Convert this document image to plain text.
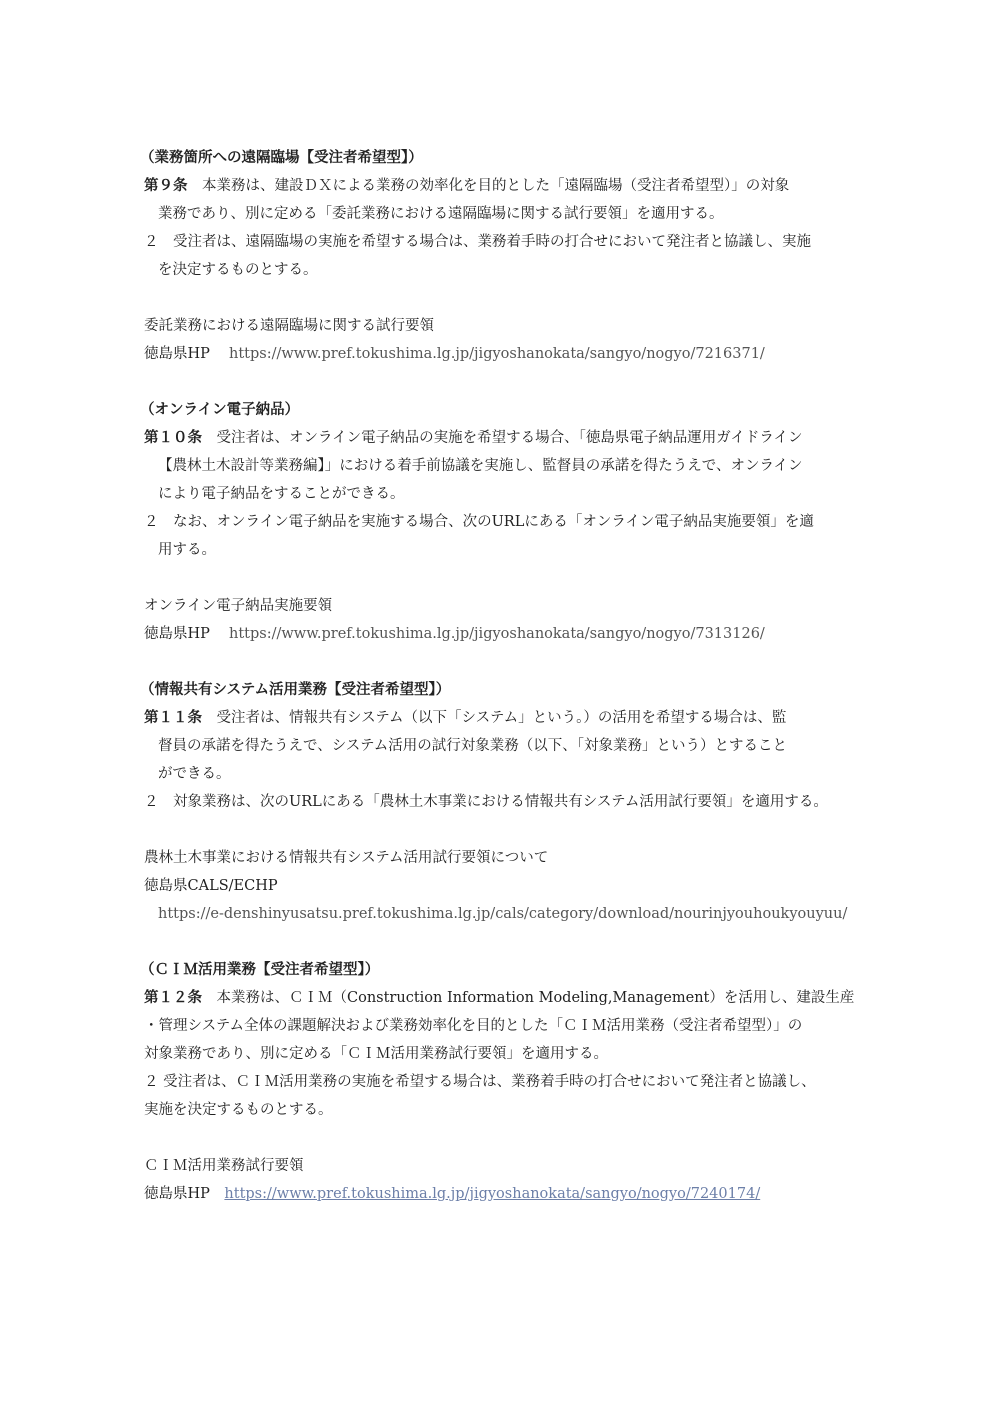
（業務箇所への遠隔臨場【受注者希望型】）
第９条　 本業務は、建設ＤＸによる業務の効率化を目的とした「遠隔臨場（受注者希望型）」の対象
業務であり、別に定める「委託業務における遠隔臨場に関する試行要領」を適用する。
２　受注者は、遠隔臨場の実施を希望する場合は、業務着手時の打合せにおいて発注者と協議し、実施
を決定するものとする。
委託業務における遠隔臨場に関する試行要領
徳島県HP　 https://www.pref.tokushima.lg.jp/jigyoshanokata/sangyo/nogyo/7216371/
（オンライン電子納品）
第１０条　 受注者は、オンライン電子納品の実施を希望する場合、「徳島県電子納品運用ガイドライン
【農林土木設計等業務編】」における着手前協議を実施し、監督員の承諾を得たうえで、オンライン
により電子納品をすることができる。
２　なお、オンライン電子納品を実施する場合、次のURLにある「オンライン電子納品実施要領」を適
用する。
オンライン電子納品実施要領
徳島県HP　 https://www.pref.tokushima.lg.jp/jigyoshanokata/sangyo/nogyo/7313126/
（情報共有システム活用業務【受注者希望型】）
第１１条　 受注者は、情報共有システム（以下「システム」という。）の活用を希望する場合は、監
督員の承諾を得たうえで、システム活用の試行対象業務（以下、「対象業務」という）とすること
ができる。
２　対象業務は、次のURLにある「農林土木事業における情報共有システム活用試行要領」を適用する。
農林土木事業における情報共有システム活用試行要領について
徳島県CALS/ECHP
https://e-denshinyusatsu.pref.tokushima.lg.jp/cals/category/download/nourinjyouhoukyouyuu/
（ＣＩＭ活用業務【受注者希望型】）
第１２条　 本業務は、ＣＩＭ（Construction Information Modeling,Management）を活用し、建設生産
・管理システム全体の課題解決および業務効率化を目的とした「ＣＩＭ活用業務（受注者希望型）」の
対象業務であり、別に定める「ＣＩＭ活用業務試行要領」を適用する。
２ 受注者は、ＣＩＭ活用業務の実施を希望する場合は、業務着手時の打合せにおいて発注者と協議し、
実施を決定するものとする。
ＣＩＭ活用業務試行要領
徳島県HP　 https://www.pref.tokushima.lg.jp/jigyoshanokata/sangyo/nogyo/7240174/
